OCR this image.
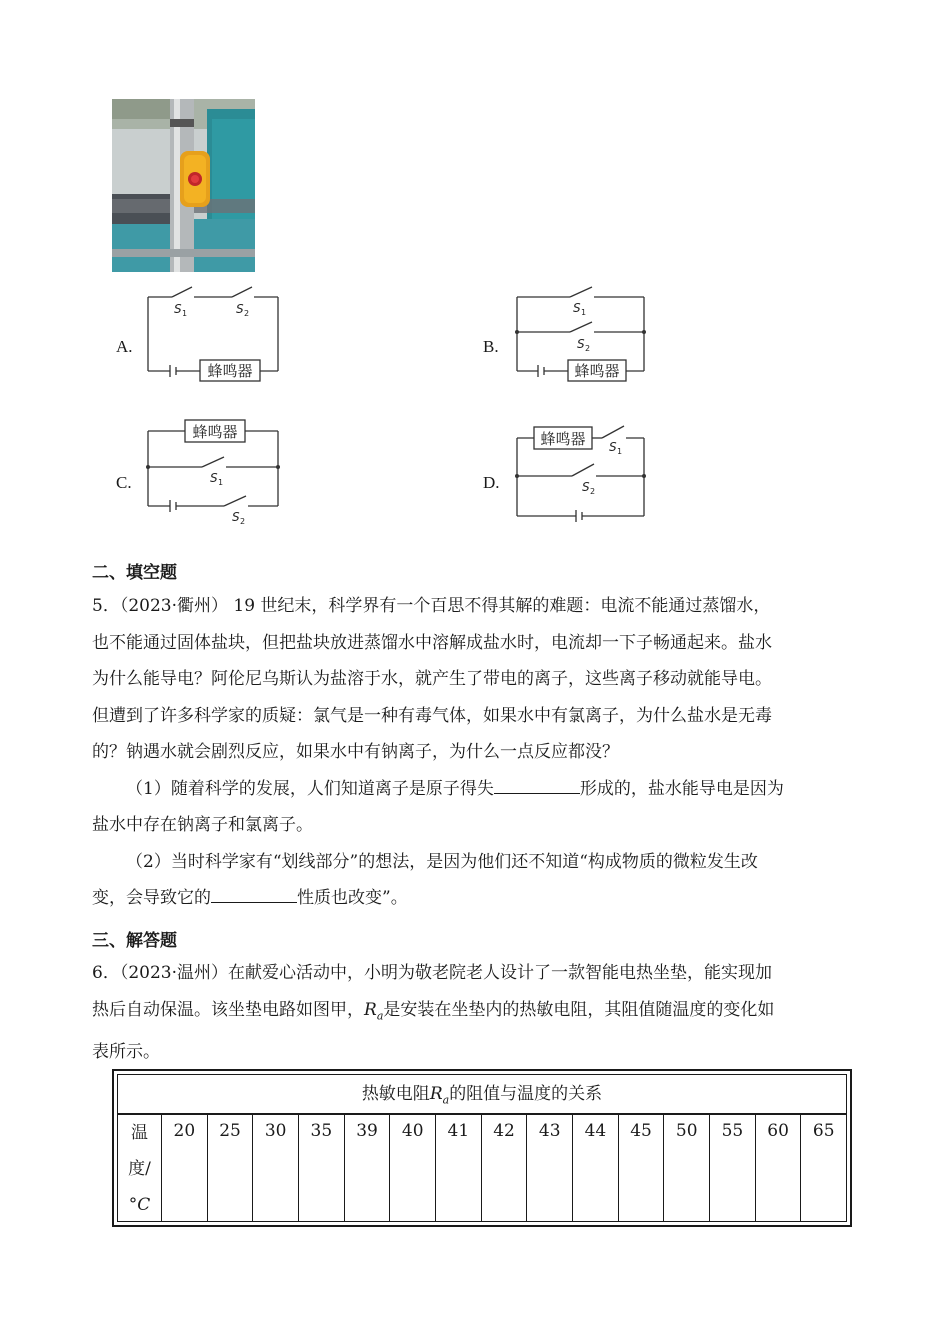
A.
蜂鸣器
S 1	S 2
B.
蜂鸣器
S 1
S 2
C.
蜂鸣器
S 1
S 2
D.
蜂鸣器 S 1
S 2
二、填空题
5．（2023·衢州） 19 世纪末，科学界有一个百思不得其解的难题：电流不能通过蒸馏水，
也不能通过固体盐块，但把盐块放进蒸馏水中溶解成盐水时，电流却一下子畅通起来。盐水
为什么能导电？阿伦尼乌斯认为盐溶于水，就产生了带电的离子，这些离子移动就能导电。
但遭到了许多科学家的质疑：氯气是一种有毒气体，如果水中有氯离子，为什么盐水是无毒
的？钠遇水就会剧烈反应，如果水中有钠离子，为什么一点反应都没？
（1）随着科学的发展，人们知道离子是原子得失	形成的，盐水能导电是因为
盐水中存在钠离子和氯离子。
（2）当时科学家有“划线部分”的想法，是因为他们还不知道“构成物质的微粒发生改
变，会导致它的	性质也改变”。
三、解答题
6．（2023·温州）在献爱心活动中，小明为敬老院老人设计了一款智能电热坐垫，能实现加
热后自动保温。该坐垫电路如图甲，$R_a$是安装在坐垫内的热敏电阻，其阻值随温度的变化如
表所示。
热敏电阻$R_a$的阻值与温度的关系
温
度/
°C
20	25	30	35	39	40	41	42	43	44	45	50	55	60	65
